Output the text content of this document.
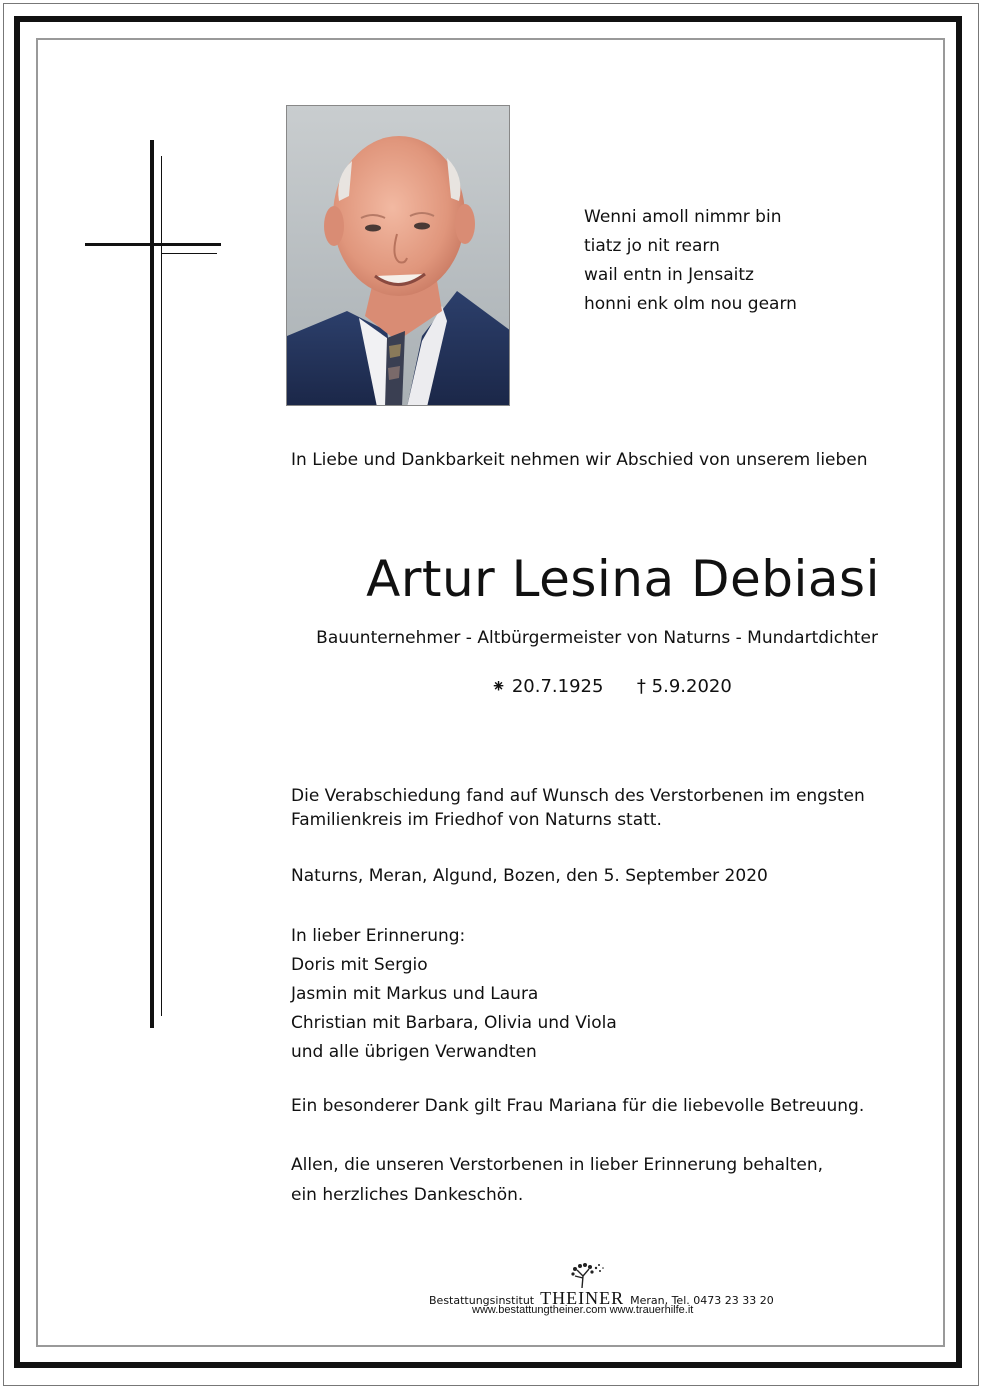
Wenni amoll nimmr bin
tiatz jo nit rearn
wail entn in Jensaitz
honni enk olm nou gearn
In Liebe und Dankbarkeit nehmen wir Abschied von unserem lieben
Artur Lesina Debiasi
Bauunternehmer - Altbürgermeister von Naturns - Mundartdichter
⁕ 20.7.1925 † 5.9.2020
Die Verabschiedung fand auf Wunsch des Verstorbenen im engsten
Familienkreis im Friedhof von Naturns statt.
Naturns, Meran, Algund, Bozen, den 5. September 2020
In lieber Erinnerung:
Doris mit Sergio
Jasmin mit Markus und Laura
Christian mit Barbara, Olivia und Viola
und alle übrigen Verwandten
Ein besonderer Dank gilt Frau Mariana für die liebevolle Betreuung.
Allen, die unseren Verstorbenen in lieber Erinnerung behalten,
ein herzliches Dankeschön.
Bestattungsinstitut THEINER Meran, Tel. 0473 23 33 20
www.bestattungtheiner.com www.trauerhilfe.it
